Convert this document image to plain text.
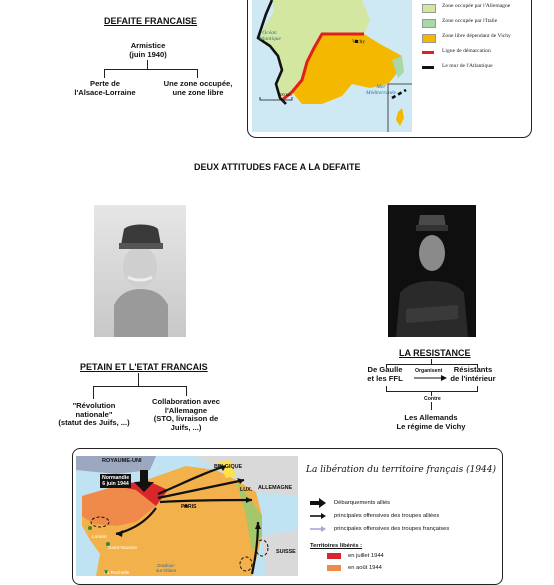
DEFAITE FRANCAISE
Armistice
(juin 1940)
Perte de
l'Alsace-Lorraine
Une zone occupée,
une zone libre
Océan
Atlantique
Mer
Méditerranée
Vichy
200 km
Zone occupée par l'Allemagne
Zone occupée par l'Italie
Zone libre dépendant de Vichy
Ligne de démarcation
Le mur de l'Atlantique
DEUX ATTITUDES FACE A LA DEFAITE
PETAIN ET L'ETAT FRANCAIS
"Révolution
nationale"
(statut des Juifs, ...)
Collaboration avec
l'Allemagne
(STO, livraison de
Juifs, ...)
LA RESISTANCE
De Gaulle
et les FFL
Organisent	Résistants
de l'intérieur
Contre
Les Allemands
Le régime de Vichy
ROYAUME-UNI
BELGIQUE
LUX. ALLEMAGNE
SUISSE
PARIS
Normandie
6 juin 1944
Lorient
Saint-Nazaire
La Rochelle
Oradour-
sur-Glane
La libération du territoire français (1944)
Débarquements alliés
principales offensives des troupes alliées
principales offensives des troupes françaises
Territoires libérés :
en juillet 1944
en août 1944
